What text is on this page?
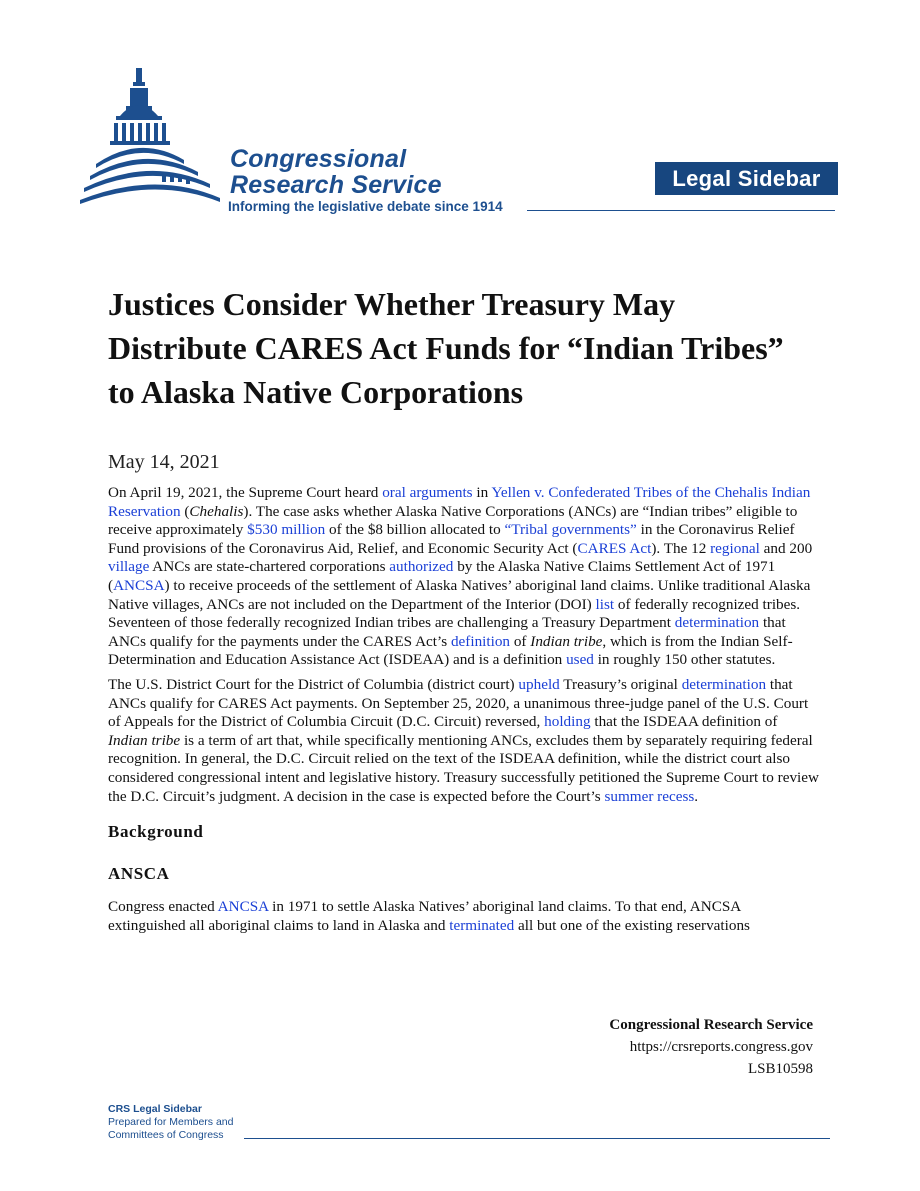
Congressional
Research Service
Informing the legislative debate since 1914
Legal Sidebar
Justices Consider Whether Treasury May Distribute CARES Act Funds for “Indian Tribes” to Alaska Native Corporations
May 14, 2021

On April 19, 2021, the Supreme Court heard oral arguments in Yellen v. Confederated Tribes of the Chehalis Indian Reservation (Chehalis). The case asks whether Alaska Native Corporations (ANCs) are “Indian tribes” eligible to receive approximately $530 million of the $8 billion allocated to “Tribal governments” in the Coronavirus Relief Fund provisions of the Coronavirus Aid, Relief, and Economic Security Act (CARES Act). The 12 regional and 200 village ANCs are state-chartered corporations authorized by the Alaska Native Claims Settlement Act of 1971 (ANCSA) to receive proceeds of the settlement of Alaska Natives’ aboriginal land claims. Unlike traditional Alaska Native villages, ANCs are not included on the Department of the Interior (DOI) list of federally recognized tribes. Seventeen of those federally recognized Indian tribes are challenging a Treasury Department determination that ANCs qualify for the payments under the CARES Act’s definition of Indian tribe, which is from the Indian Self-Determination and Education Assistance Act (ISDEAA) and is a definition used in roughly 150 other statutes.

The U.S. District Court for the District of Columbia (district court) upheld Treasury’s original determination that ANCs qualify for CARES Act payments. On September 25, 2020, a unanimous three-judge panel of the U.S. Court of Appeals for the District of Columbia Circuit (D.C. Circuit) reversed, holding that the ISDEAA definition of Indian tribe is a term of art that, while specifically mentioning ANCs, excludes them by separately requiring federal recognition. In general, the D.C. Circuit relied on the text of the ISDEAA definition, while the district court also considered congressional intent and legislative history. Treasury successfully petitioned the Supreme Court to review the D.C. Circuit’s judgment. A decision in the case is expected before the Court’s summer recess.

Background
ANSCA

Congress enacted ANCSA in 1971 to settle Alaska Natives’ aboriginal land claims. To that end, ANCSA extinguished all aboriginal claims to land in Alaska and terminated all but one of the existing reservations

Congressional Research Service
https://crsreports.congress.gov
LSB10598
CRS Legal Sidebar
Prepared for Members and
Committees of Congress
